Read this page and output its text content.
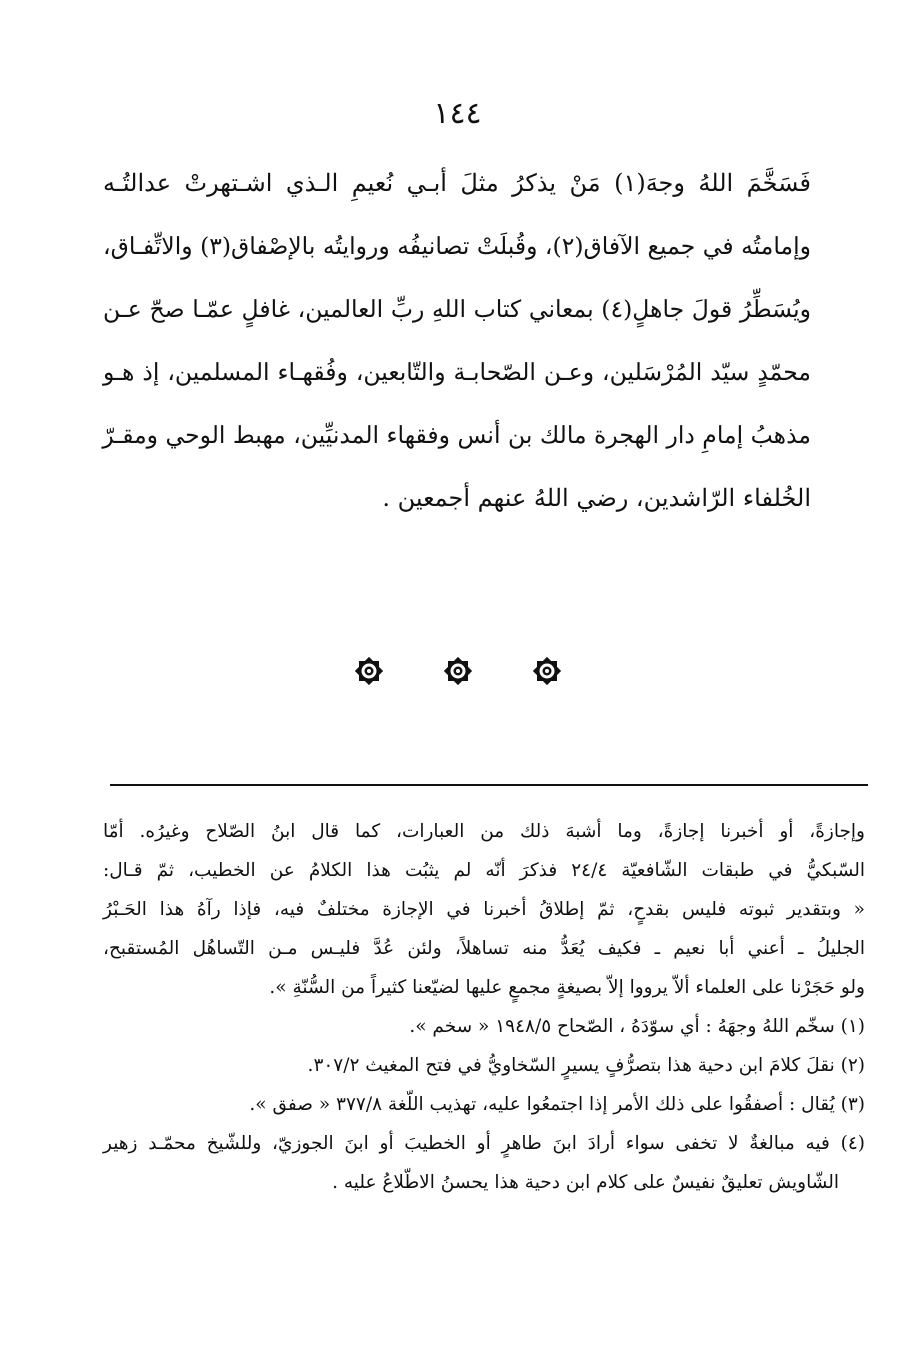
١٤٤
فَسَخَّمَ اللهُ وجهَ(١) مَنْ يذكرُ مثلَ أبـي نُعيمِ الـذي اشـتهرتْ عدالتُـه
وإمامتُه في جميع الآفاق(٢)، وقُبلَتْ تصانيفُه وروايتُه بالإصْفاق(٣) والاتِّفـاق،
ويُسَطِّرُ قولَ جاهلٍ(٤) بمعاني كتاب اللهِ ربِّ العالمين، غافلٍ عمّـا صحّ عـن
محمّدٍ سيّد المُرْسَلين، وعـن الصّحابـة والتّابعين، وفُقهـاء المسلمين، إذ هـو
مذهبُ إمامِ دار الهجرة مالك بن أنس وفقهاء المدنيِّين، مهبط الوحي ومقـرّ
الخُلفاء الرّاشدين، رضي اللهُ عنهم أجمعين .
وإجازةً، أو أخبرنا إجازةً، وما أشبهَ ذلك من العبارات، كما قال ابنُ الصّلاح وغيرُه. أمّا
السّبكيُّ في طبقات الشّافعيّة ٢٤/٤ فذكرَ أنّه لم يثبُت هذا الكلامُ عن الخطيب، ثمّ قـال:
« وبتقدير ثبوته فليس بقدحٍ، ثمّ إطلاقُ أخبرنا في الإجازة مختلفٌ فيه، فإذا رآهُ هذا الحَـبْرُ
الجليلُ ـ أعني أبا نعيم ـ فكيف يُعَدُّ منه تساهلاً، ولئن عُدَّ فليـس مـن التّساهُل المُستقبح،
ولو حَجَرْنا على العلماء ألاّ يرووا إلاّ بصيغةٍ مجمعٍ عليها لضيّعنا كثيراً من السُّنّةِ ».
(١) سخّم اللهُ وجهَهُ : أي سوّدَهُ ، الصّحاح ١٩٤٨/٥ « سخم ».
(٢) نقلَ كلامَ ابن دحية هذا بتصرُّفٍ يسيرٍ السّخاويُّ في فتح المغيث ٣٠٧/٢.
(٣) يُقال : أصفقُوا على ذلك الأمر إذا اجتمعُوا عليه، تهذيب اللّغة ٣٧٧/٨ « صفق ».
(٤) فيه مبالغةٌ لا تخفى سواء أرادَ ابنَ طاهرٍ أو الخطيبَ أو ابنَ الجوزيّ، وللشّيخ محمّـد زهير
الشّاويش تعليقٌ نفيسٌ على كلام ابن دحية هذا يحسنُ الاطّلاعُ عليه .
